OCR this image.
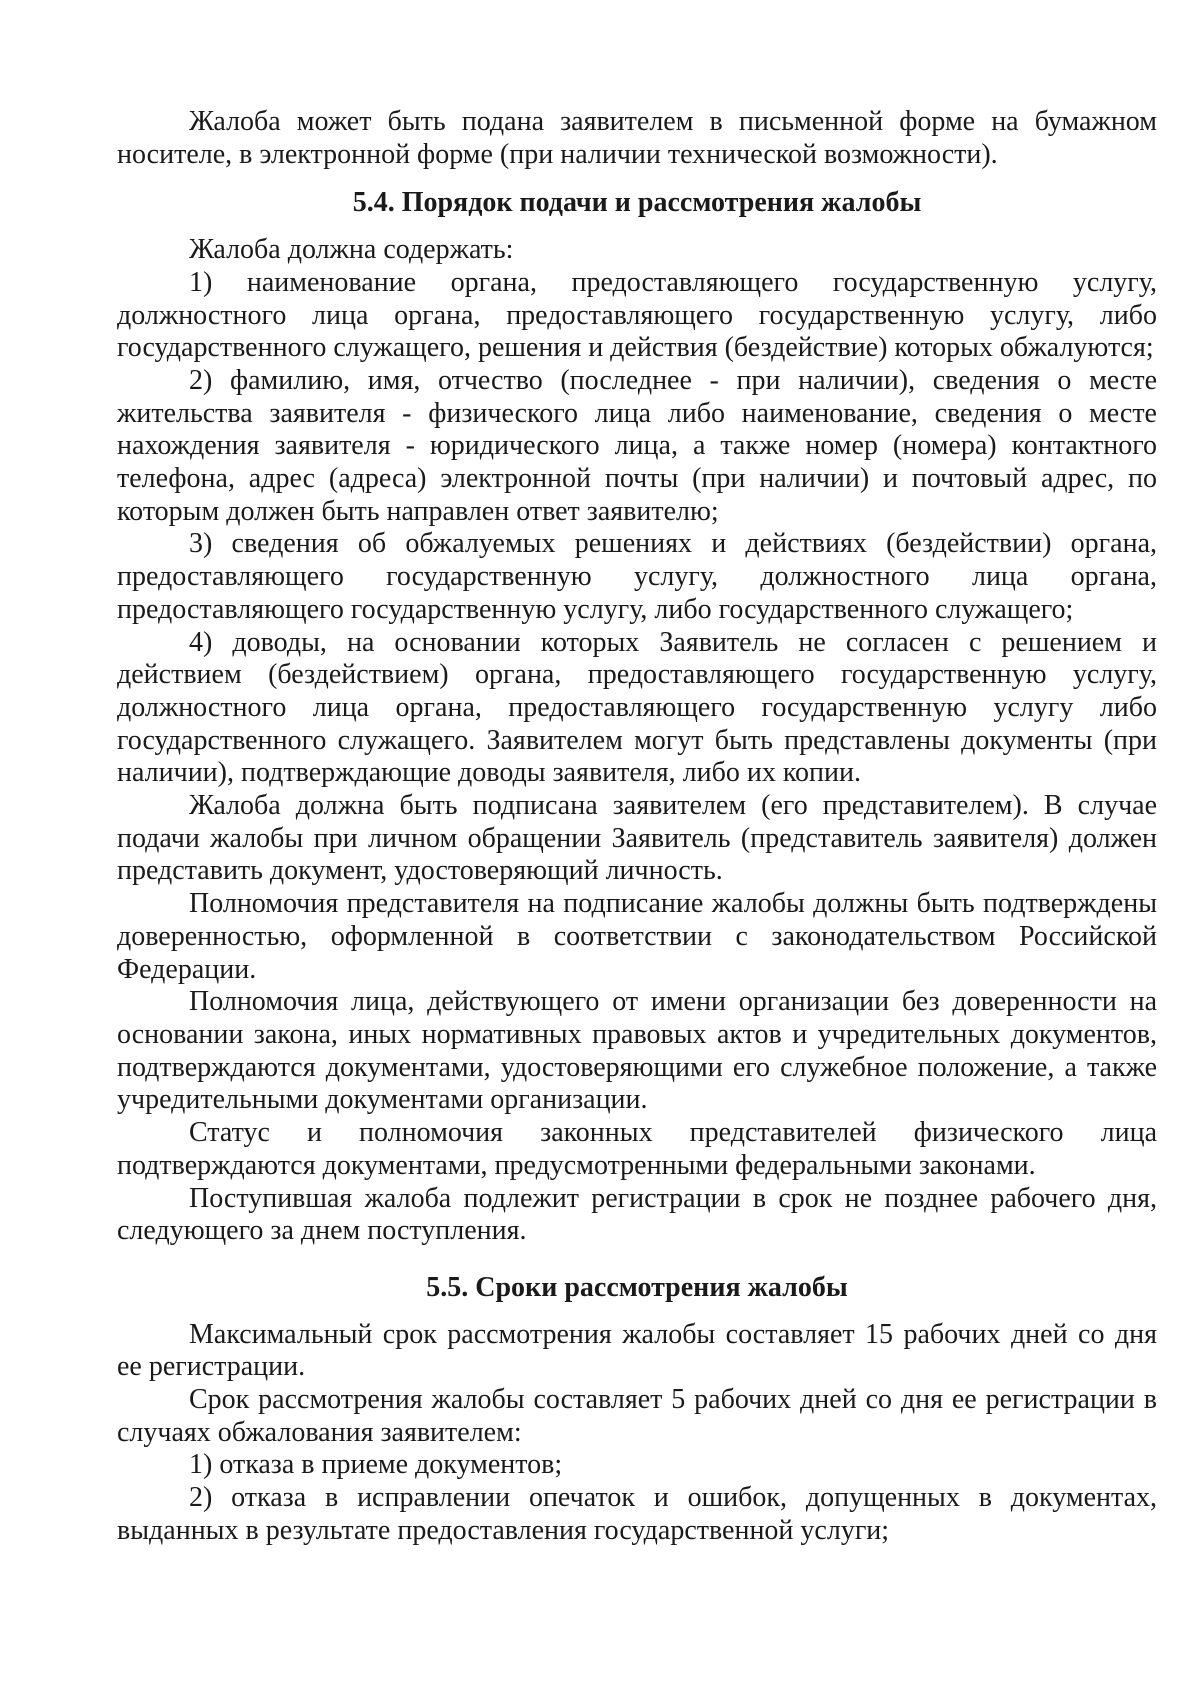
Жалоба может быть подана заявителем в письменной форме на бумажном носителе, в электронной форме (при наличии технической возможности).

5.4. Порядок подачи и рассмотрения жалобы

Жалоба должна содержать:

1) наименование органа, предоставляющего государственную услугу, должностного лица органа, предоставляющего государственную услугу, либо государственного служащего, решения и действия (бездействие) которых обжалуются;

2) фамилию, имя, отчество (последнее - при наличии), сведения о месте жительства заявителя - физического лица либо наименование, сведения о месте нахождения заявителя - юридического лица, а также номер (номера) контактного телефона, адрес (адреса) электронной почты (при наличии) и почтовый адрес, по которым должен быть направлен ответ заявителю;

3) сведения об обжалуемых решениях и действиях (бездействии) органа, предоставляющего государственную услугу, должностного лица органа, предоставляющего государственную услугу, либо государственного служащего;

4) доводы, на основании которых Заявитель не согласен с решением и действием (бездействием) органа, предоставляющего государственную услугу, должностного лица органа, предоставляющего государственную услугу либо государственного служащего. Заявителем могут быть представлены документы (при наличии), подтверждающие доводы заявителя, либо их копии.

Жалоба должна быть подписана заявителем (его представителем). В случае подачи жалобы при личном обращении Заявитель (представитель заявителя) должен представить документ, удостоверяющий личность.

Полномочия представителя на подписание жалобы должны быть подтверждены доверенностью, оформленной в соответствии с законодательством Российской Федерации.

Полномочия лица, действующего от имени организации без доверенности на основании закона, иных нормативных правовых актов и учредительных документов, подтверждаются документами, удостоверяющими его служебное положение, а также учредительными документами организации.

Статус и полномочия законных представителей физического лица подтверждаются документами, предусмотренными федеральными законами.

Поступившая жалоба подлежит регистрации в срок не позднее рабочего дня, следующего за днем поступления.

5.5. Сроки рассмотрения жалобы

Максимальный срок рассмотрения жалобы составляет 15 рабочих дней со дня ее регистрации.

Срок рассмотрения жалобы составляет 5 рабочих дней со дня ее регистрации в случаях обжалования заявителем:

1) отказа в приеме документов;

2) отказа в исправлении опечаток и ошибок, допущенных в документах, выданных в результате предоставления государственной услуги;
